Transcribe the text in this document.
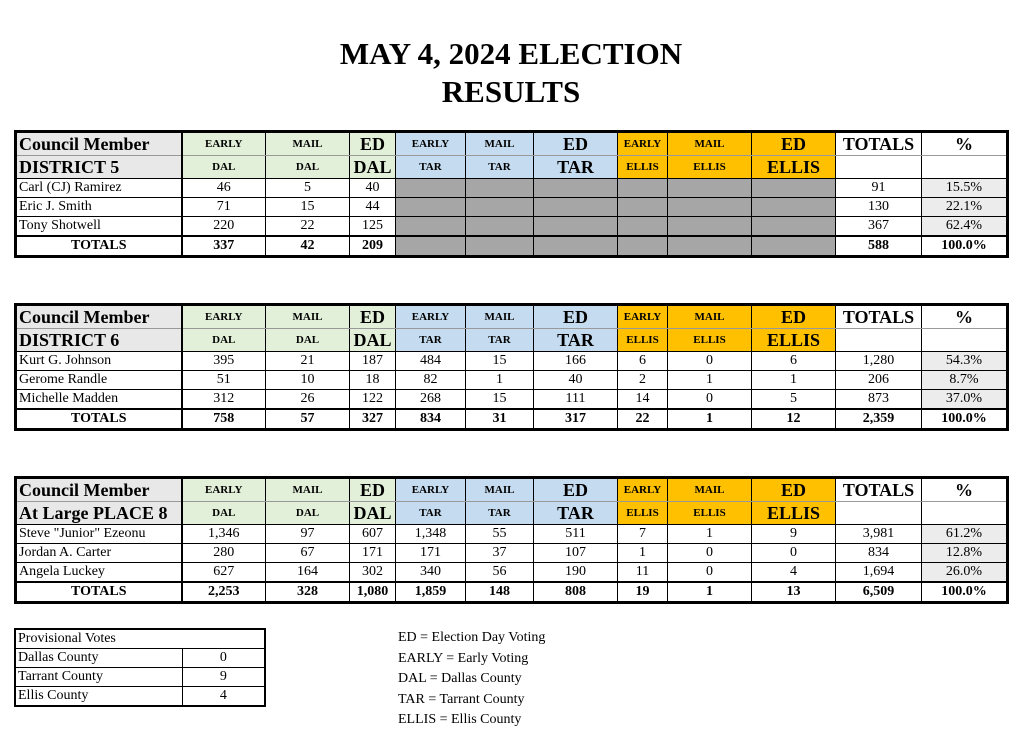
MAY 4, 2024 ELECTION
RESULTS
Council Member	EARLY	MAIL	ED	EARLY	MAIL	ED	EARLY	MAIL	ED	TOTALS	%
DISTRICT 5	DAL	DAL	DAL	TAR	TAR	TAR	ELLIS	ELLIS	ELLIS		
Carl (CJ) Ramirez	46	5	40							91	15.5%
Eric J. Smith	71	15	44							130	22.1%
Tony Shotwell	220	22	125							367	62.4%
TOTALS	337	42	209							588	100.0%
Council Member	EARLY	MAIL	ED	EARLY	MAIL	ED	EARLY	MAIL	ED	TOTALS	%
DISTRICT 6	DAL	DAL	DAL	TAR	TAR	TAR	ELLIS	ELLIS	ELLIS		
Kurt G. Johnson	395	21	187	484	15	166	6	0	6	1,280	54.3%
Gerome Randle	51	10	18	82	1	40	2	1	1	206	8.7%
Michelle Madden	312	26	122	268	15	111	14	0	5	873	37.0%
TOTALS	758	57	327	834	31	317	22	1	12	2,359	100.0%
Council Member	EARLY	MAIL	ED	EARLY	MAIL	ED	EARLY	MAIL	ED	TOTALS	%
At Large PLACE 8	DAL	DAL	DAL	TAR	TAR	TAR	ELLIS	ELLIS	ELLIS		
Steve "Junior" Ezeonu	1,346	97	607	1,348	55	511	7	1	9	3,981	61.2%
Jordan A. Carter	280	67	171	171	37	107	1	0	0	834	12.8%
Angela Luckey	627	164	302	340	56	190	11	0	4	1,694	26.0%
TOTALS	2,253	328	1,080	1,859	148	808	19	1	13	6,509	100.0%
Provisional Votes	
Dallas County	0
Tarrant County	9
Ellis County	4
ED = Election Day Voting
EARLY = Early Voting
DAL = Dallas County
TAR = Tarrant County
ELLIS = Ellis County
